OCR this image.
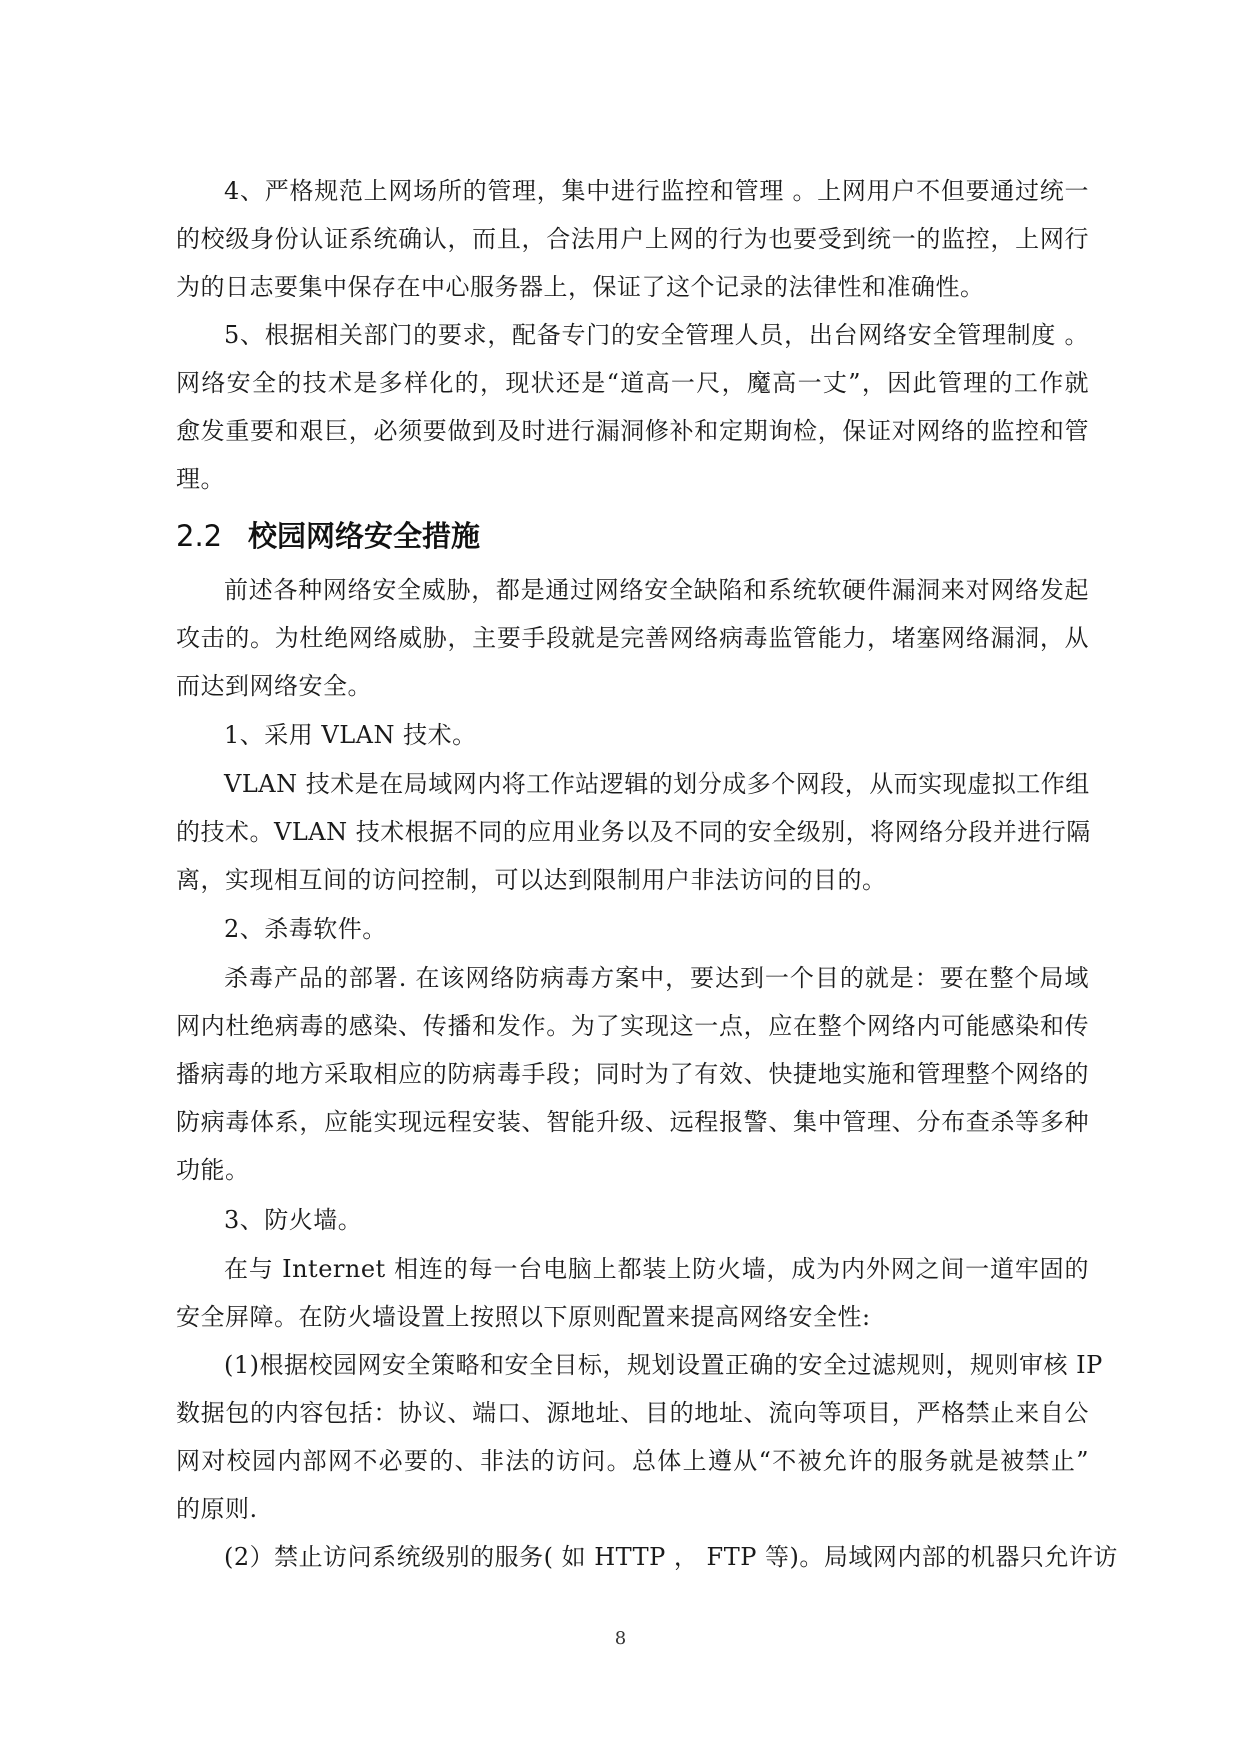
4、严格规范上网场所的管理，集中进行监控和管理 。上网用户不但要通过统一
的校级身份认证系统确认，而且，合法用户上网的行为也要受到统一的监控，上网行
为的日志要集中保存在中心服务器上，保证了这个记录的法律性和准确性。
5、根据相关部门的要求，配备专门的安全管理人员，出台网络安全管理制度 。
网络安全的技术是多样化的，现状还是“道高一尺，魔高一丈”，因此管理的工作就
愈发重要和艰巨，必须要做到及时进行漏洞修补和定期询检，保证对网络的监控和管
理。
2.2 校园网络安全措施
前述各种网络安全威胁，都是通过网络安全缺陷和系统软硬件漏洞来对网络发起
攻击的。为杜绝网络威胁，主要手段就是完善网络病毒监管能力，堵塞网络漏洞，从
而达到网络安全。
1、采用 VLAN 技术。
VLAN 技术是在局域网内将工作站逻辑的划分成多个网段，从而实现虚拟工作组
的技术。VLAN 技术根据不同的应用业务以及不同的安全级别，将网络分段并进行隔
离，实现相互间的访问控制，可以达到限制用户非法访问的目的。
2、杀毒软件。
杀毒产品的部署. 在该网络防病毒方案中，要达到一个目的就是：要在整个局域
网内杜绝病毒的感染、传播和发作。为了实现这一点，应在整个网络内可能感染和传
播病毒的地方采取相应的防病毒手段；同时为了有效、快捷地实施和管理整个网络的
防病毒体系，应能实现远程安装、智能升级、远程报警、集中管理、分布查杀等多种
功能。
3、防火墙。
在与 Internet 相连的每一台电脑上都装上防火墙，成为内外网之间一道牢固的
安全屏障。在防火墙设置上按照以下原则配置来提高网络安全性:
(1)根据校园网安全策略和安全目标，规划设置正确的安全过滤规则，规则审核 IP
数据包的内容包括：协议、端口、源地址、目的地址、流向等项目，严格禁止来自公
网对校园内部网不必要的、非法的访问。总体上遵从“不被允许的服务就是被禁止”
的原则.
(2）禁止访问系统级别的服务( 如 HTTP ， FTP 等)。局域网内部的机器只允许访
8
